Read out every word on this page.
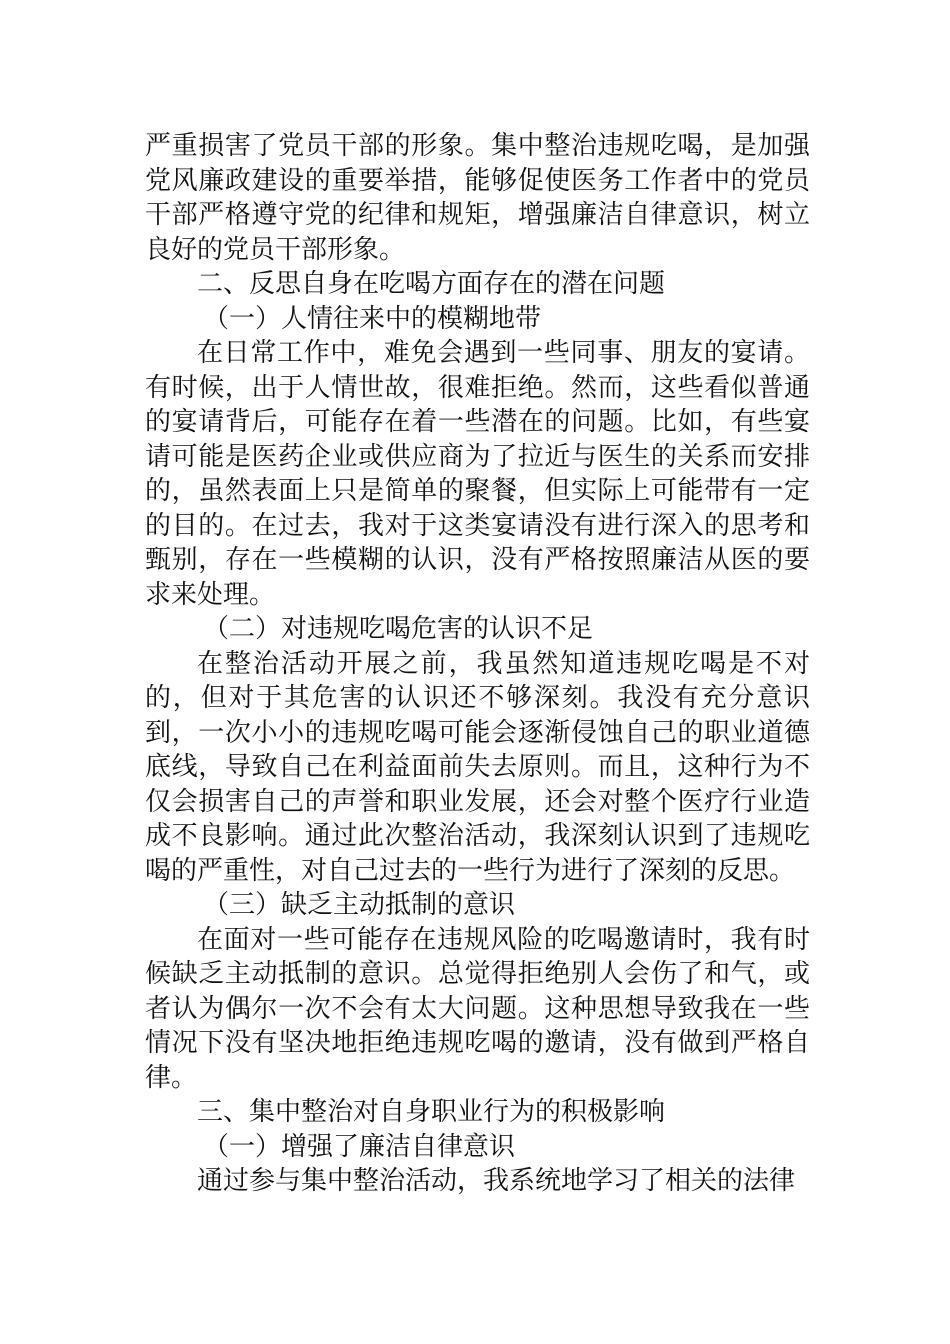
严重损害了党员干部的形象。集中整治违规吃喝，是加强党风廉政建设的重要举措，能够促使医务工作者中的党员干部严格遵守党的纪律和规矩，增强廉洁自律意识，树立良好的党员干部形象。

二、反思自身在吃喝方面存在的潜在问题

（一）人情往来中的模糊地带

在日常工作中，难免会遇到一些同事、朋友的宴请。有时候，出于人情世故，很难拒绝。然而，这些看似普通的宴请背后，可能存在着一些潜在的问题。比如，有些宴请可能是医药企业或供应商为了拉近与医生的关系而安排的，虽然表面上只是简单的聚餐，但实际上可能带有一定的目的。在过去，我对于这类宴请没有进行深入的思考和甄别，存在一些模糊的认识，没有严格按照廉洁从医的要求来处理。

（二）对违规吃喝危害的认识不足

在整治活动开展之前，我虽然知道违规吃喝是不对的，但对于其危害的认识还不够深刻。我没有充分意识到，一次小小的违规吃喝可能会逐渐侵蚀自己的职业道德底线，导致自己在利益面前失去原则。而且，这种行为不仅会损害自己的声誉和职业发展，还会对整个医疗行业造成不良影响。通过此次整治活动，我深刻认识到了违规吃喝的严重性，对自己过去的一些行为进行了深刻的反思。

（三）缺乏主动抵制的意识

在面对一些可能存在违规风险的吃喝邀请时，我有时候缺乏主动抵制的意识。总觉得拒绝别人会伤了和气，或者认为偶尔一次不会有太大问题。这种思想导致我在一些情况下没有坚决地拒绝违规吃喝的邀请，没有做到严格自律。

三、集中整治对自身职业行为的积极影响

（一）增强了廉洁自律意识

通过参与集中整治活动，我系统地学习了相关的法律
